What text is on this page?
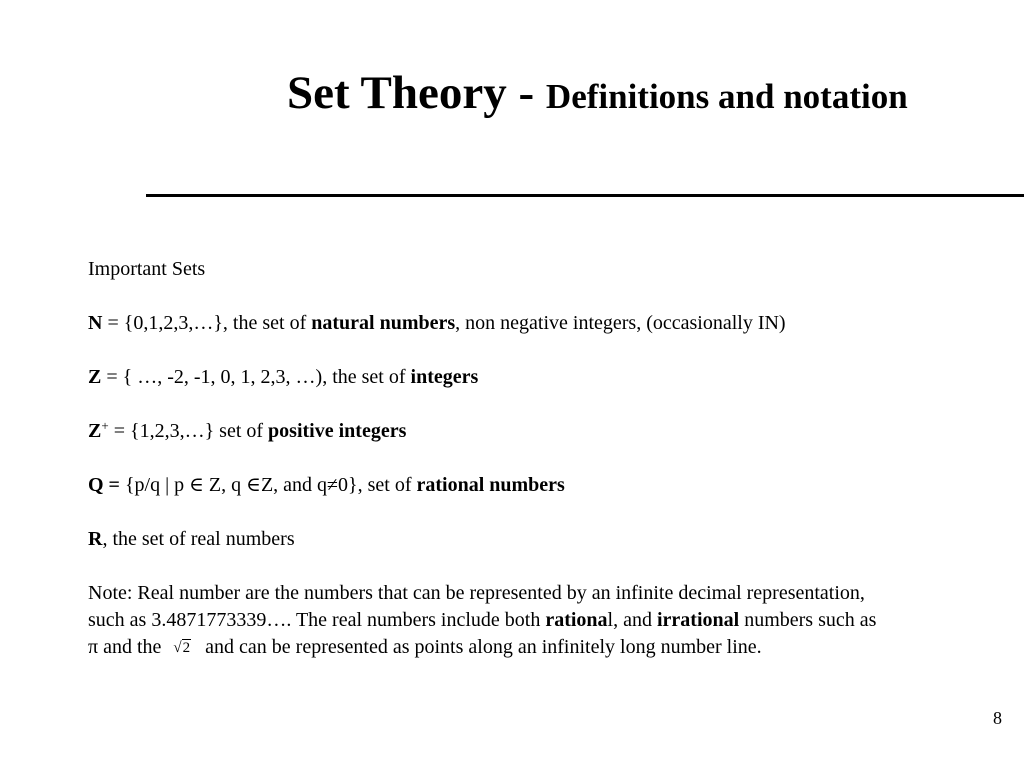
Set Theory - Definitions and notation

Important Sets

N = {0,1,2,3,…}, the set of natural numbers, non negative integers, (occasionally IN)

Z = { …, -2, -1, 0, 1, 2,3, …), the set of integers

Z+ = {1,2,3,…} set of positive integers

Q = {p/q | p ∈ Z, q ∈Z, and q≠0}, set of rational numbers

R, the set of real numbers

Note: Real number are the numbers that can be represented by an infinite decimal representation, such as 3.4871773339…. The real numbers include both rational, and irrational numbers such as π and the √2 and can be represented as points along an infinitely long number line.

8
